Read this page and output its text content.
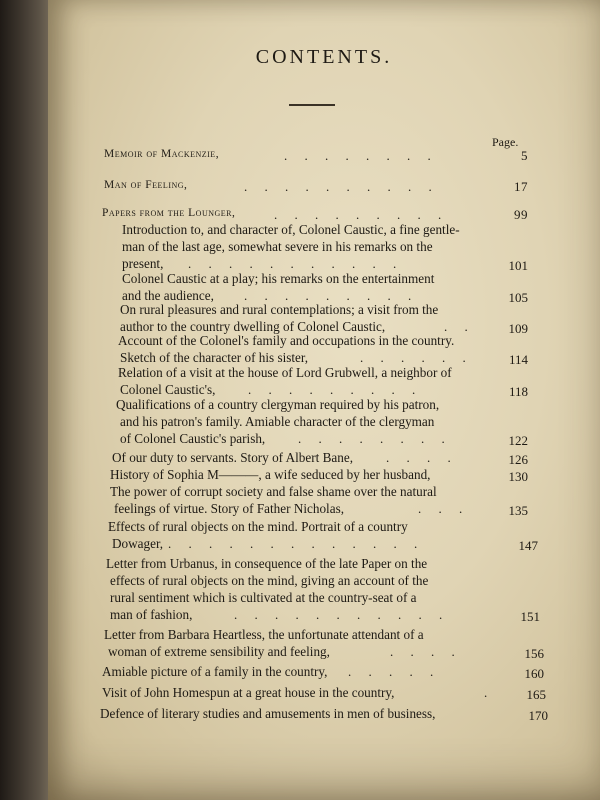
CONTENTS.
Page.
Memoir of Mackenzie,	. . . . . . . .	5
Man of Feeling,	. . . . . . . . . .	17
Papers from the Lounger,	. . . . . . . . .	99
Introduction to, and character of, Colonel Caustic, a fine gentle-
man of the last age, somewhat severe in his remarks on the
present, . . . . . . . . . . .	101
Colonel Caustic at a play; his remarks on the entertainment
and the audience, . . . . . . . . .	105
On rural pleasures and rural contemplations; a visit from the
author to the country dwelling of Colonel Caustic,	. .	109
Account of the Colonel's family and occupations in the country.
Sketch of the character of his sister,	. . . . . .	114
Relation of a visit at the house of Lord Grubwell, a neighbor of
Colonel Caustic's,	. . . . . . . . .	118
Qualifications of a country clergyman required by his patron,
and his patron's family. Amiable character of the clergyman
of Colonel Caustic's parish,	. . . . . . . .	122
Of our duty to servants. Story of Albert Bane,	. . . .	126
History of Sophia M———, a wife seduced by her husband,	130
The power of corrupt society and false shame over the natural
feelings of virtue. Story of Father Nicholas,	. . .	135
Effects of rural objects on the mind. Portrait of a country
Dowager, . . . . . . . . . . . . .	147
Letter from Urbanus, in consequence of the late Paper on the
effects of rural objects on the mind, giving an account of the
rural sentiment which is cultivated at the country-seat of a
man of fashion,	. . . . . . . . . . .	151
Letter from Barbara Heartless, the unfortunate attendant of a
woman of extreme sensibility and feeling,	. . . .	156
Amiable picture of a family in the country, . . . . .	160
Visit of John Homespun at a great house in the country,	.	165
Defence of literary studies and amusements in men of business,	170
